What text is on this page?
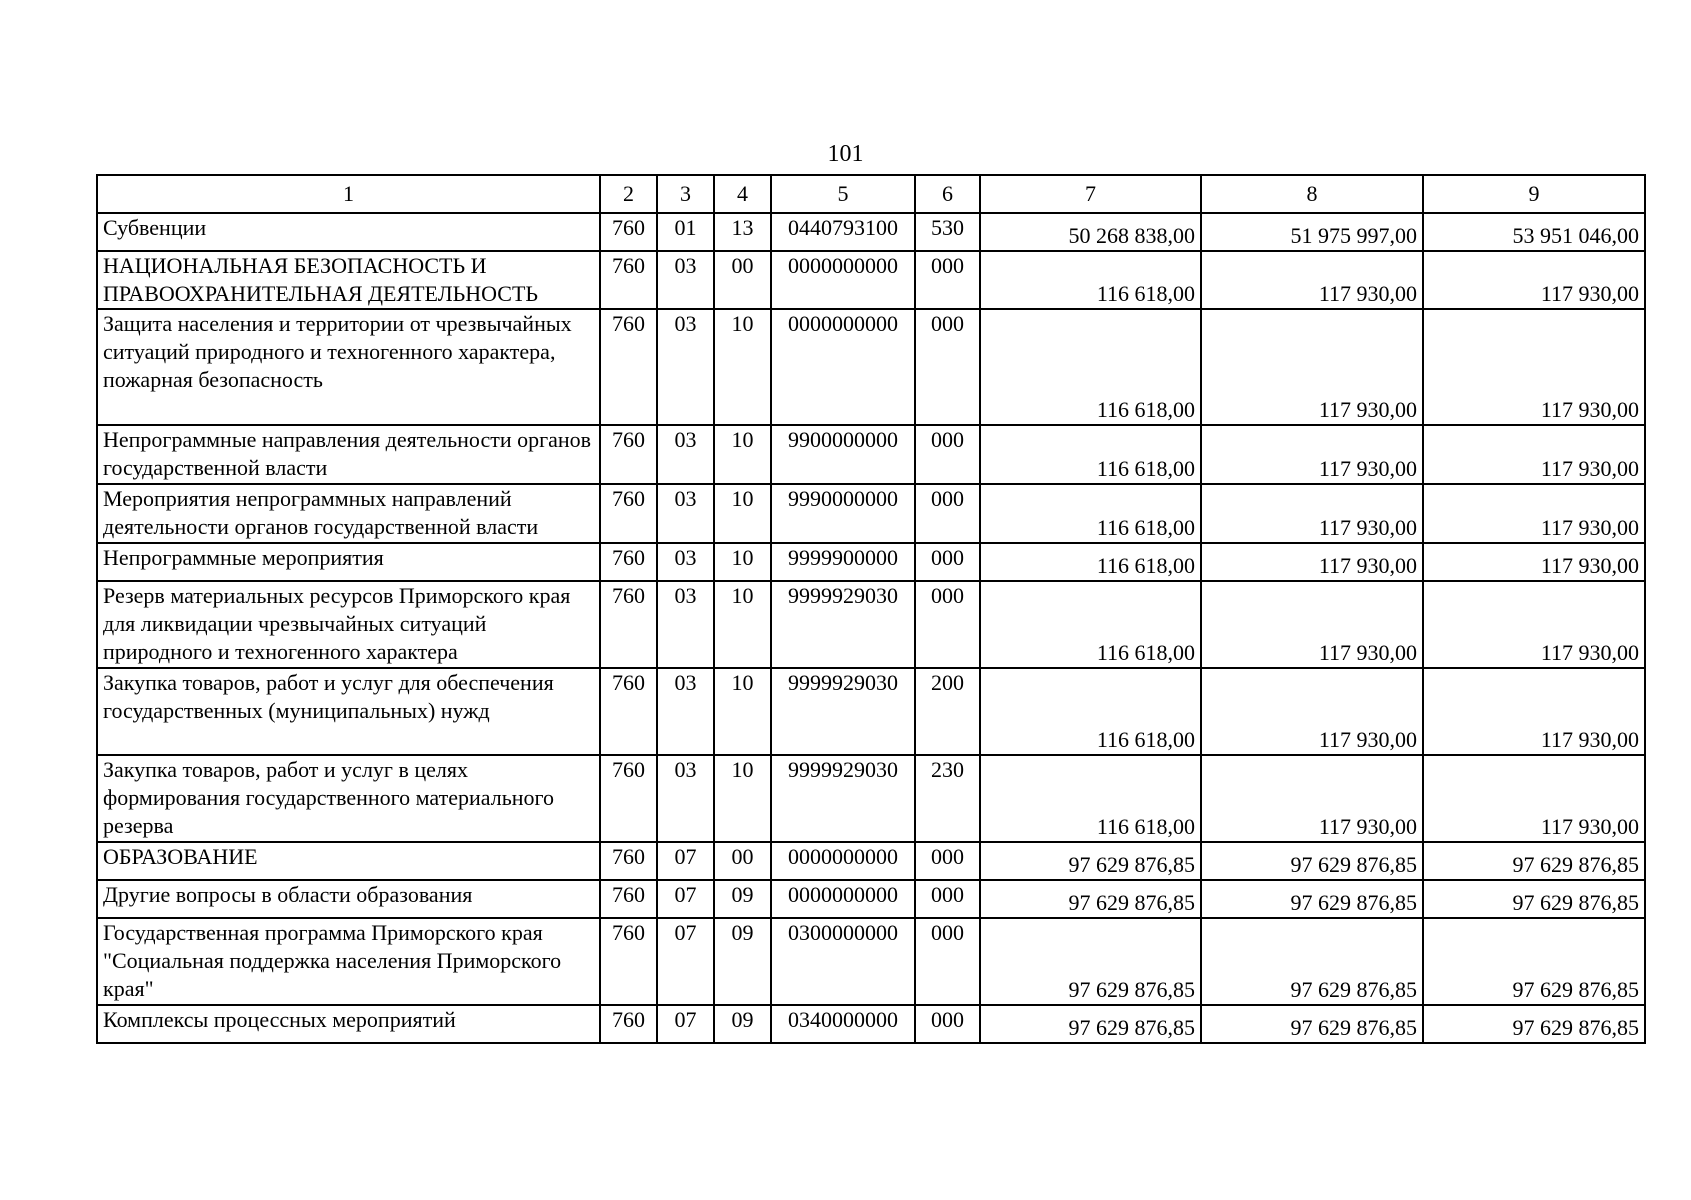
101
1	2	3	4	5	6	7	8	9
Субвенции	760	01	13	0440793100	530	50 268 838,00	51 975 997,00	53 951 046,00
НАЦИОНАЛЬНАЯ БЕЗОПАСНОСТЬ И ПРАВООХРАНИТЕЛЬНАЯ ДЕЯТЕЛЬНОСТЬ	760	03	00	0000000000	000	116 618,00	117 930,00	117 930,00
Защита населения и территории от чрезвычайных ситуаций природного и техногенного характера, пожарная безопасность	760	03	10	0000000000	000	116 618,00	117 930,00	117 930,00
Непрограммные направления деятельности органов государственной власти	760	03	10	9900000000	000	116 618,00	117 930,00	117 930,00
Мероприятия непрограммных направлений деятельности органов государственной власти	760	03	10	9990000000	000	116 618,00	117 930,00	117 930,00
Непрограммные мероприятия	760	03	10	9999900000	000	116 618,00	117 930,00	117 930,00
Резерв материальных ресурсов Приморского края для ликвидации чрезвычайных ситуаций природного и техногенного характера	760	03	10	9999929030	000	116 618,00	117 930,00	117 930,00
Закупка товаров, работ и услуг для обеспечения государственных (муниципальных) нужд	760	03	10	9999929030	200	116 618,00	117 930,00	117 930,00
Закупка товаров, работ и услуг в целях формирования государственного материального резерва	760	03	10	9999929030	230	116 618,00	117 930,00	117 930,00
ОБРАЗОВАНИЕ	760	07	00	0000000000	000	97 629 876,85	97 629 876,85	97 629 876,85
Другие вопросы в области образования	760	07	09	0000000000	000	97 629 876,85	97 629 876,85	97 629 876,85
Государственная программа Приморского края "Социальная поддержка населения Приморского края"	760	07	09	0300000000	000	97 629 876,85	97 629 876,85	97 629 876,85
Комплексы процессных мероприятий	760	07	09	0340000000	000	97 629 876,85	97 629 876,85	97 629 876,85
